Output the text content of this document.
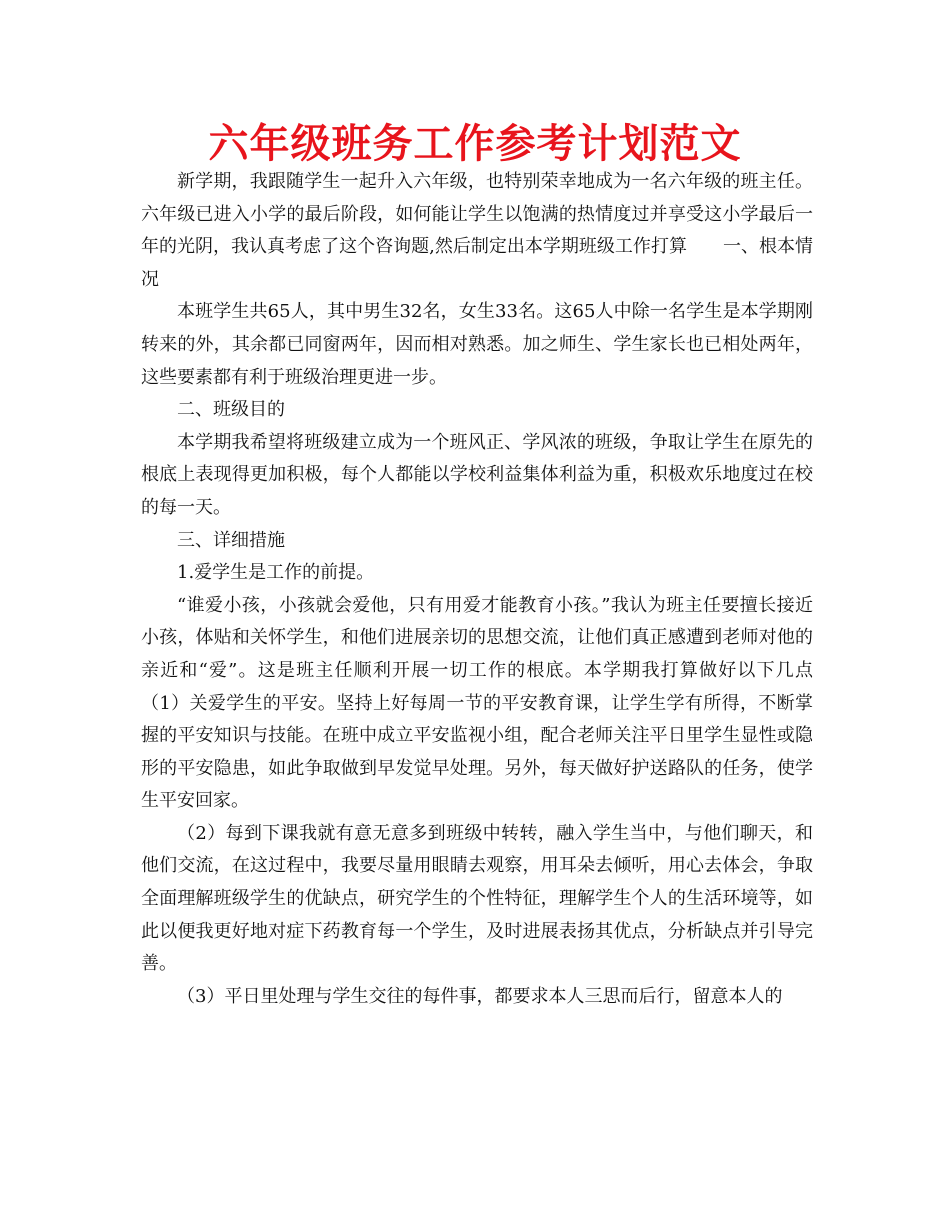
六年级班务工作参考计划范文

新学期，我跟随学生一起升入六年级，也特别荣幸地成为一名六年级的班主任。六年级已进入小学的最后阶段，如何能让学生以饱满的热情度过并享受这小学最后一年的光阴，我认真考虑了这个咨询题,然后制定出本学期班级工作打算　　一、根本情况

本班学生共65人，其中男生32名，女生33名。这65人中除一名学生是本学期刚转来的外，其余都已同窗两年，因而相对熟悉。加之师生、学生家长也已相处两年，这些要素都有利于班级治理更进一步。

二、班级目的

本学期我希望将班级建立成为一个班风正、学风浓的班级，争取让学生在原先的根底上表现得更加积极，每个人都能以学校利益集体利益为重，积极欢乐地度过在校的每一天。

三、详细措施

1.爱学生是工作的前提。

“谁爱小孩，小孩就会爱他，只有用爱才能教育小孩。”我认为班主任要擅长接近小孩，体贴和关怀学生，和他们进展亲切的思想交流，让他们真正感遭到老师对他的亲近和“爱”。这是班主任顺利开展一切工作的根底。本学期我打算做好以下几点　　（1）关爱学生的平安。坚持上好每周一节的平安教育课，让学生学有所得，不断掌握的平安知识与技能。在班中成立平安监视小组，配合老师关注平日里学生显性或隐形的平安隐患，如此争取做到早发觉早处理。另外，每天做好护送路队的任务，使学生平安回家。

（2）每到下课我就有意无意多到班级中转转，融入学生当中，与他们聊天，和他们交流，在这过程中，我要尽量用眼睛去观察，用耳朵去倾听，用心去体会，争取全面理解班级学生的优缺点，研究学生的个性特征，理解学生个人的生活环境等，如此以便我更好地对症下药教育每一个学生，及时进展表扬其优点，分析缺点并引导完善。

（3）平日里处理与学生交往的每件事，都要求本人三思而后行，留意本人的
